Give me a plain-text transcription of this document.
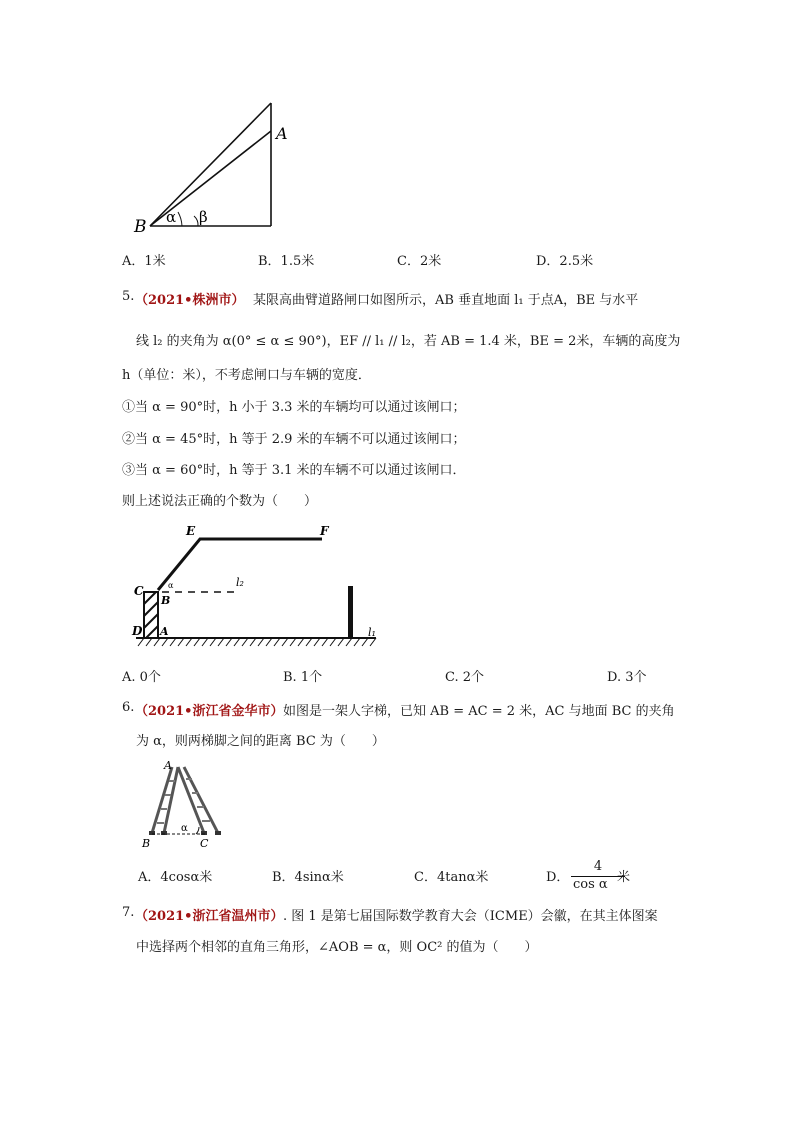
B
A
α β
A．1米	B．1.5米	C．2米	D．2.5米
5. （2021•株洲市） 某限高曲臂道路闸口如图所示，AB 垂直地面 l₁ 于点A，BE 与水平
线 l₂ 的夹角为 α(0° ≤ α ≤ 90°)，EF // l₁ // l₂，若 AB = 1.4 米，BE = 2米，车辆的高度为
h（单位：米），不考虑闸口与车辆的宽度．
①当 α = 90°时，h 小于 3.3 米的车辆均可以通过该闸口；
②当 α = 45°时，h 等于 2.9 米的车辆不可以通过该闸口；
③当 α = 60°时，h 等于 3.1 米的车辆不可以通过该闸口．
则上述说法正确的个数为（　　）
E	F
C
B
α
D A
l₂
l₁
A. 0个	B. 1个	C. 2个	D. 3个
6. （2021•浙江省金华市） 如图是一架人字梯，已知 AB = AC = 2 米，AC 与地面 BC 的夹角
为 α，则两梯脚之间的距离 BC 为（　　）
A
B	C
α
A．4cosα米	B．4sinα米	C．4tanα米	D．
4
cos α 米
7. （2021•浙江省温州市） . 图 1 是第七届国际数学教育大会（ICME）会徽，在其主体图案
中选择两个相邻的直角三角形，∠AOB = α，则 OC² 的值为（　　）
